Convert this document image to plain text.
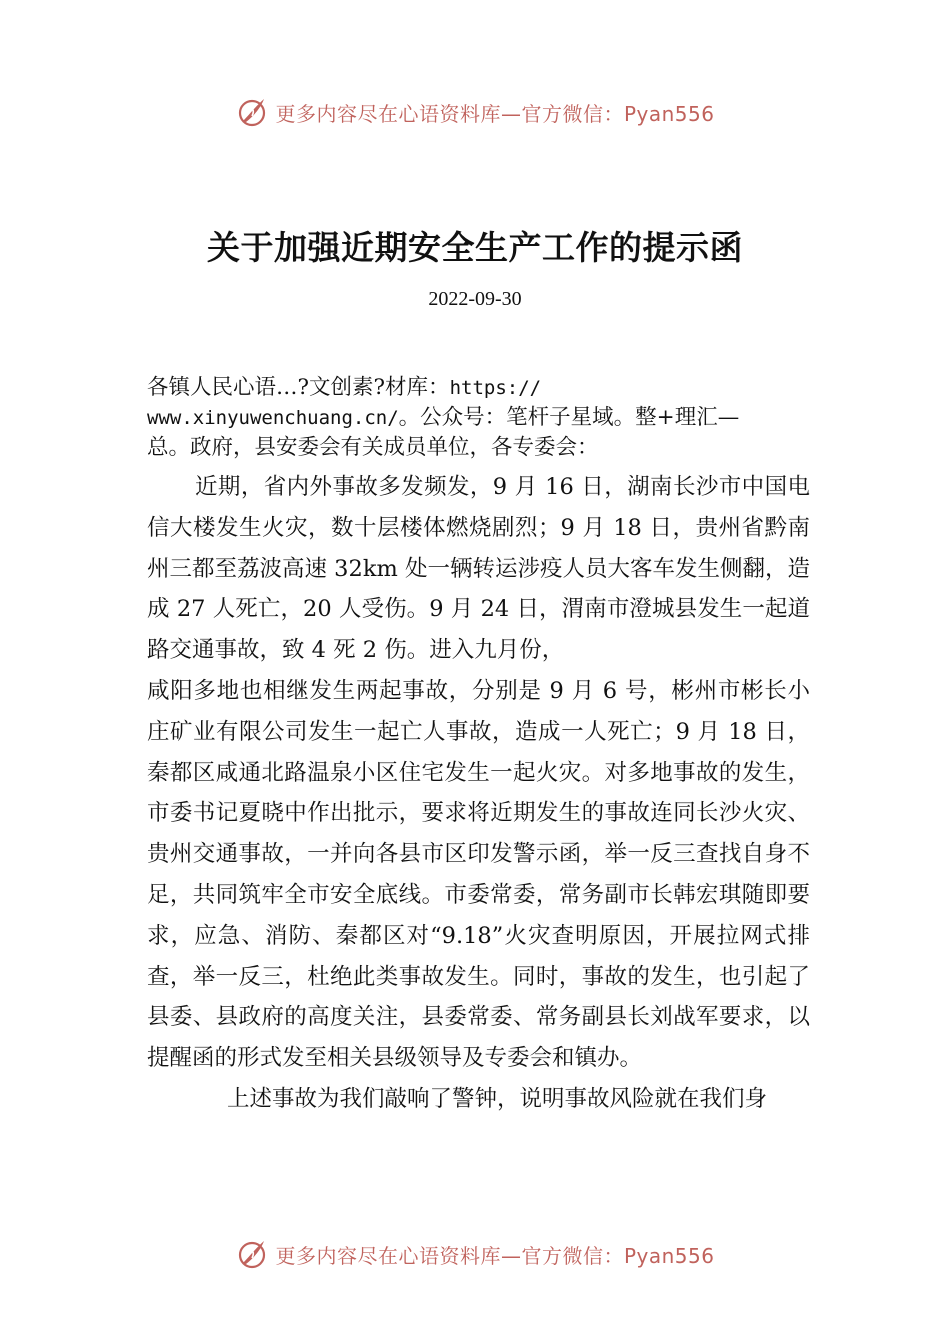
更多内容尽在心语资料库—官方微信：Pyan556
关于加强近期安全生产工作的提示函
2022-09-30
各镇人民心语…?文创素?材库：https://
www.xinyuwenchuang.cn/。公众号：笔杆子星域。整+理汇—
总。政府，县安委会有关成员单位，各专委会：

近期，省内外事故多发频发，9 月 16 日，湖南长沙市中国电信大楼发生火灾，数十层楼体燃烧剧烈；9 月 18 日，贵州省黔南州三都至荔波高速 32km 处一辆转运涉疫人员大客车发生侧翻，造成 27 人死亡，20 人受伤。9 月 24 日，渭南市澄城县发生一起道路交通事故，致 4 死 2 伤。进入九月份，

咸阳多地也相继发生两起事故，分别是 9 月 6 号，彬州市彬长小庄矿业有限公司发生一起亡人事故，造成一人死亡；9 月 18 日，秦都区咸通北路温泉小区住宅发生一起火灾。对多地事故的发生，市委书记夏晓中作出批示，要求将近期发生的事故连同长沙火灾、贵州交通事故，一并向各县市区印发警示函，举一反三查找自身不足，共同筑牢全市安全底线。市委常委，常务副市长韩宏琪随即要求，应急、消防、秦都区对“9.18”火灾查明原因，开展拉网式排查，举一反三，杜绝此类事故发生。同时，事故的发生，也引起了县委、县政府的高度关注，县委常委、常务副县长刘战军要求，以提醒函的形式发至相关县级领导及专委会和镇办。

上述事故为我们敲响了警钟，说明事故风险就在我们身

更多内容尽在心语资料库—官方微信：Pyan556
